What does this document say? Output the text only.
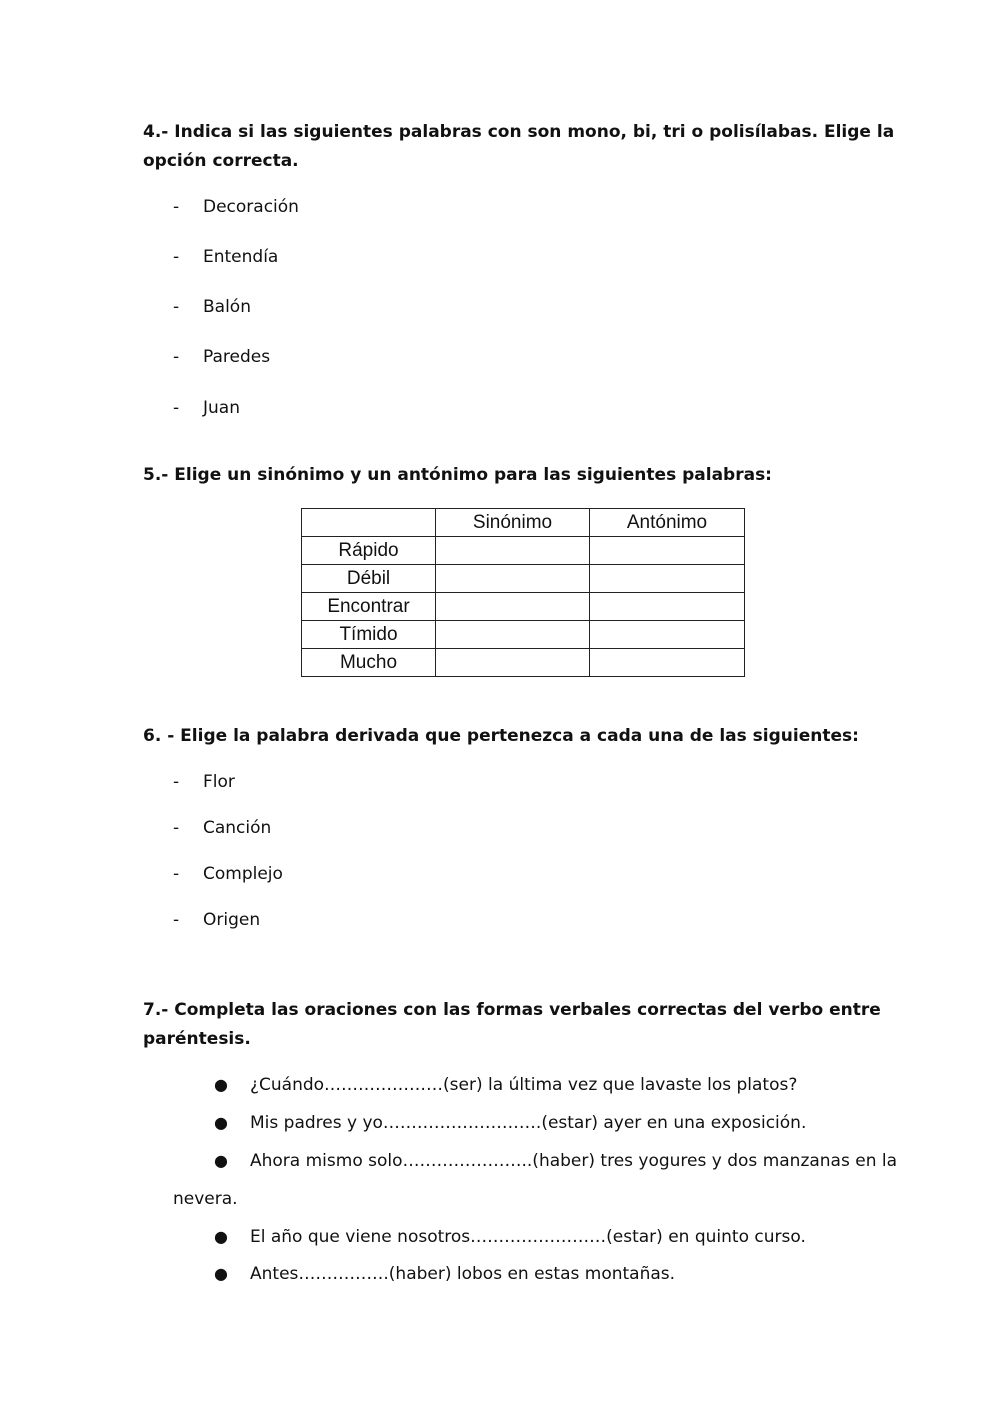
4.- Indica si las siguientes palabras con son mono, bi, tri o polisílabas. Elige la opción correcta.

- Decoración
- Entendía
- Balón
- Paredes
- Juan

5.- Elige un sinónimo y un antónimo para las siguientes palabras:

	Sinónimo	Antónimo
Rápido		
Débil		
Encontrar		
Tímido		
Mucho		

6. - Elige la palabra derivada que pertenezca a cada una de las siguientes:

- Flor
- Canción
- Complejo
- Origen

7.- Completa las oraciones con las formas verbales correctas del verbo entre paréntesis.

● ¿Cuándo…………………(ser) la última vez que lavaste los platos?
● Mis padres y yo……………………….(estar) ayer en una exposición.
● Ahora mismo solo…………………..(haber) tres yogures y dos manzanas en la
nevera.
● El año que viene nosotros……………………(estar) en quinto curso.
● Antes…………….(haber) lobos en estas montañas.
